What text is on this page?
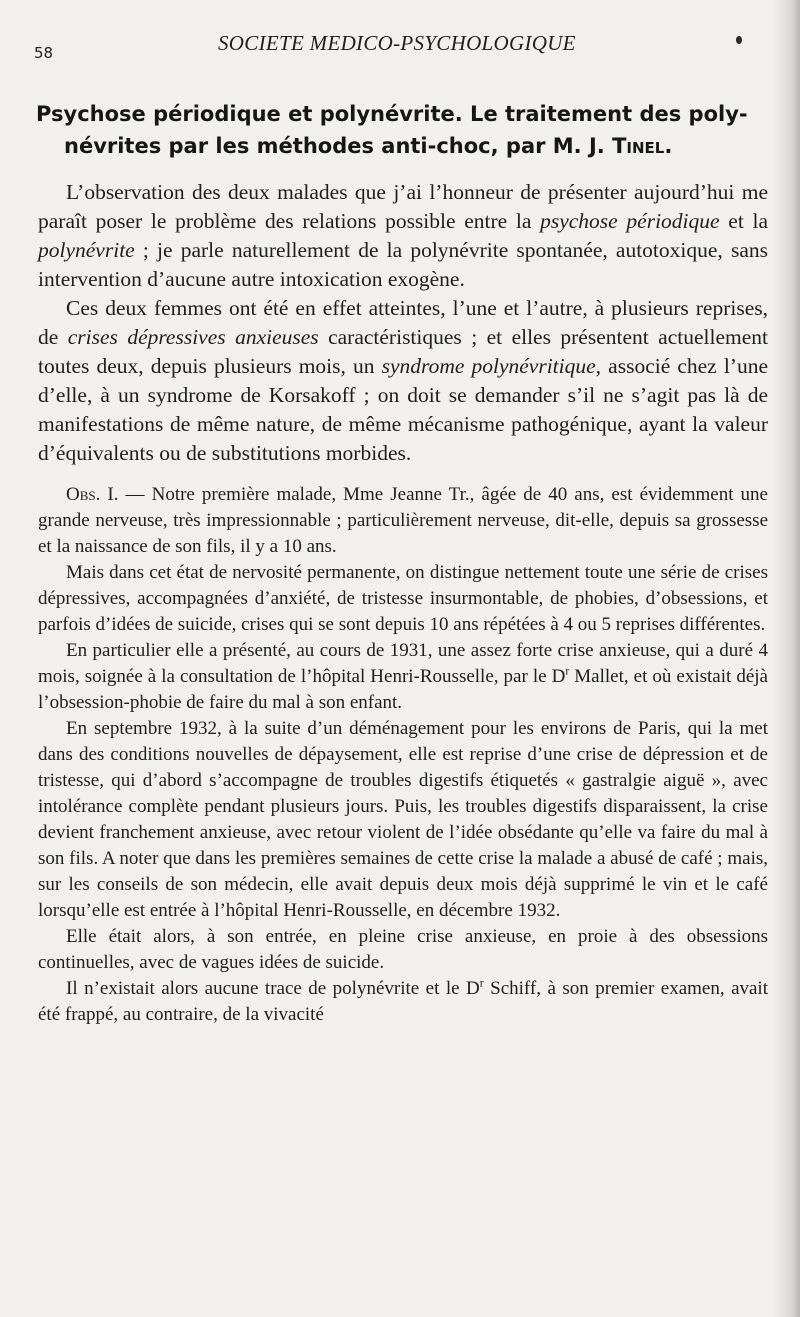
58	SOCIETE MEDICO-PSYCHOLOGIQUE
Psychose périodique et polynévrite. Le traitement des poly-
névrites par les méthodes anti-choc, par M. J. Tinel.

L’observation des deux malades que j’ai l’honneur de présenter aujourd’hui me paraît poser le problème des relations possible entre la psychose périodique et la polynévrite ; je parle naturellement de la polynévrite spontanée, autotoxique, sans intervention d’aucune autre intoxication exogène.

Ces deux femmes ont été en effet atteintes, l’une et l’autre, à plusieurs reprises, de crises dépressives anxieuses caractéristiques ; et elles présentent actuellement toutes deux, depuis plusieurs mois, un syndrome polynévritique, associé chez l’une d’elle, à un syndrome de Korsakoff ; on doit se demander s’il ne s’agit pas là de manifestations de même nature, de même mécanisme pathogénique, ayant la valeur d’équivalents ou de substitutions morbides.

Obs. I. — Notre première malade, Mme Jeanne Tr., âgée de 40 ans, est évidemment une grande nerveuse, très impressionnable ; particulièrement nerveuse, dit-elle, depuis sa grossesse et la naissance de son fils, il y a 10 ans.

Mais dans cet état de nervosité permanente, on distingue nettement toute une série de crises dépressives, accompagnées d’anxiété, de tristesse insurmontable, de phobies, d’obsessions, et parfois d’idées de suicide, crises qui se sont depuis 10 ans répétées à 4 ou 5 reprises différentes.

En particulier elle a présenté, au cours de 1931, une assez forte crise anxieuse, qui a duré 4 mois, soignée à la consultation de l’hôpital Henri-Rousselle, par le $D^r$ Mallet, et où existait déjà l’obsession-phobie de faire du mal à son enfant.

En septembre 1932, à la suite d’un déménagement pour les environs de Paris, qui la met dans des conditions nouvelles de dépaysement, elle est reprise d’une crise de dépression et de tristesse, qui d’abord s’accompagne de troubles digestifs étiquetés « gastralgie aiguë », avec intolérance complète pendant plusieurs jours. Puis, les troubles digestifs disparaissent, la crise devient franchement anxieuse, avec retour violent de l’idée obsédante qu’elle va faire du mal à son fils. A noter que dans les premières semaines de cette crise la malade a abusé de café ; mais, sur les conseils de son médecin, elle avait depuis deux mois déjà supprimé le vin et le café lorsqu’elle est entrée à l’hôpital Henri-Rousselle, en décembre 1932.

Elle était alors, à son entrée, en pleine crise anxieuse, en proie à des obsessions continuelles, avec de vagues idées de suicide.

Il n’existait alors aucune trace de polynévrite et le $D^r$ Schiff, à son premier examen, avait été frappé, au contraire, de la vivacité
